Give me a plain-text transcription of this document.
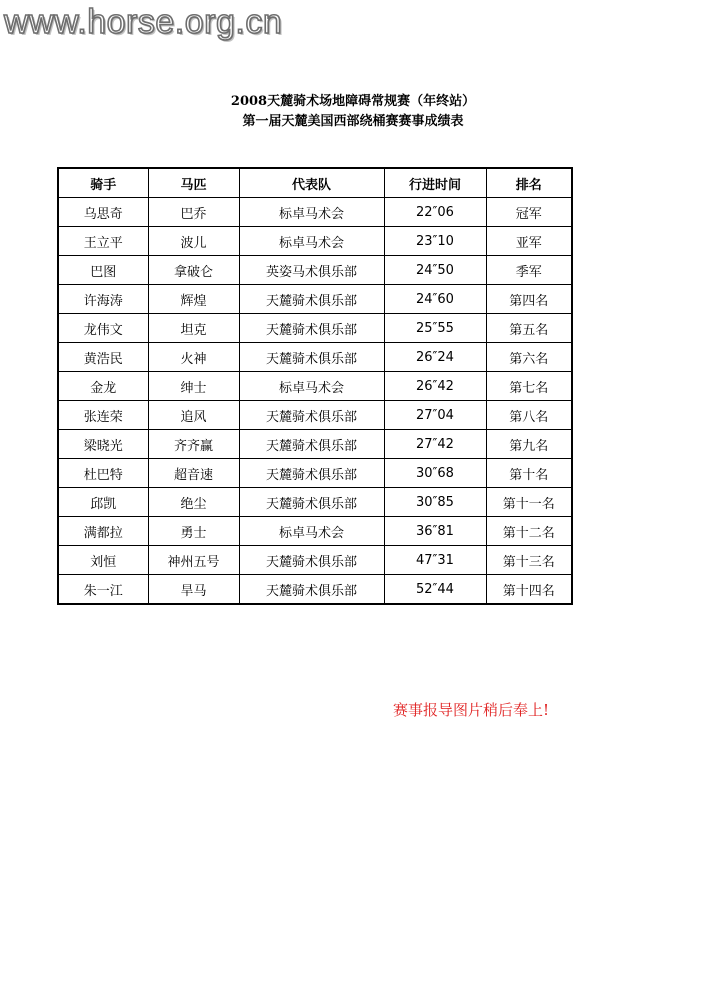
www.horse.org.cn
2008天麓骑术场地障碍常规赛（年终站）
第一届天麓美国西部绕桶赛赛事成绩表
骑手	马匹	代表队	行进时间	排名
乌思奇	巴乔	标卓马术会	22″06	冠军
王立平	波儿	标卓马术会	23″10	亚军
巴图	拿破仑	英姿马术俱乐部	24″50	季军
许海涛	辉煌	天麓骑术俱乐部	24″60	第四名
龙伟文	坦克	天麓骑术俱乐部	25″55	第五名
黄浩民	火神	天麓骑术俱乐部	26″24	第六名
金龙	绅士	标卓马术会	26″42	第七名
张连荣	追风	天麓骑术俱乐部	27″04	第八名
梁晓光	齐齐赢	天麓骑术俱乐部	27″42	第九名
杜巴特	超音速	天麓骑术俱乐部	30″68	第十名
邱凯	绝尘	天麓骑术俱乐部	30″85	第十一名
满都拉	勇士	标卓马术会	36″81	第十二名
刘恒	神州五号	天麓骑术俱乐部	47″31	第十三名
朱一江	旱马	天麓骑术俱乐部	52″44	第十四名
赛事报导图片稍后奉上!
